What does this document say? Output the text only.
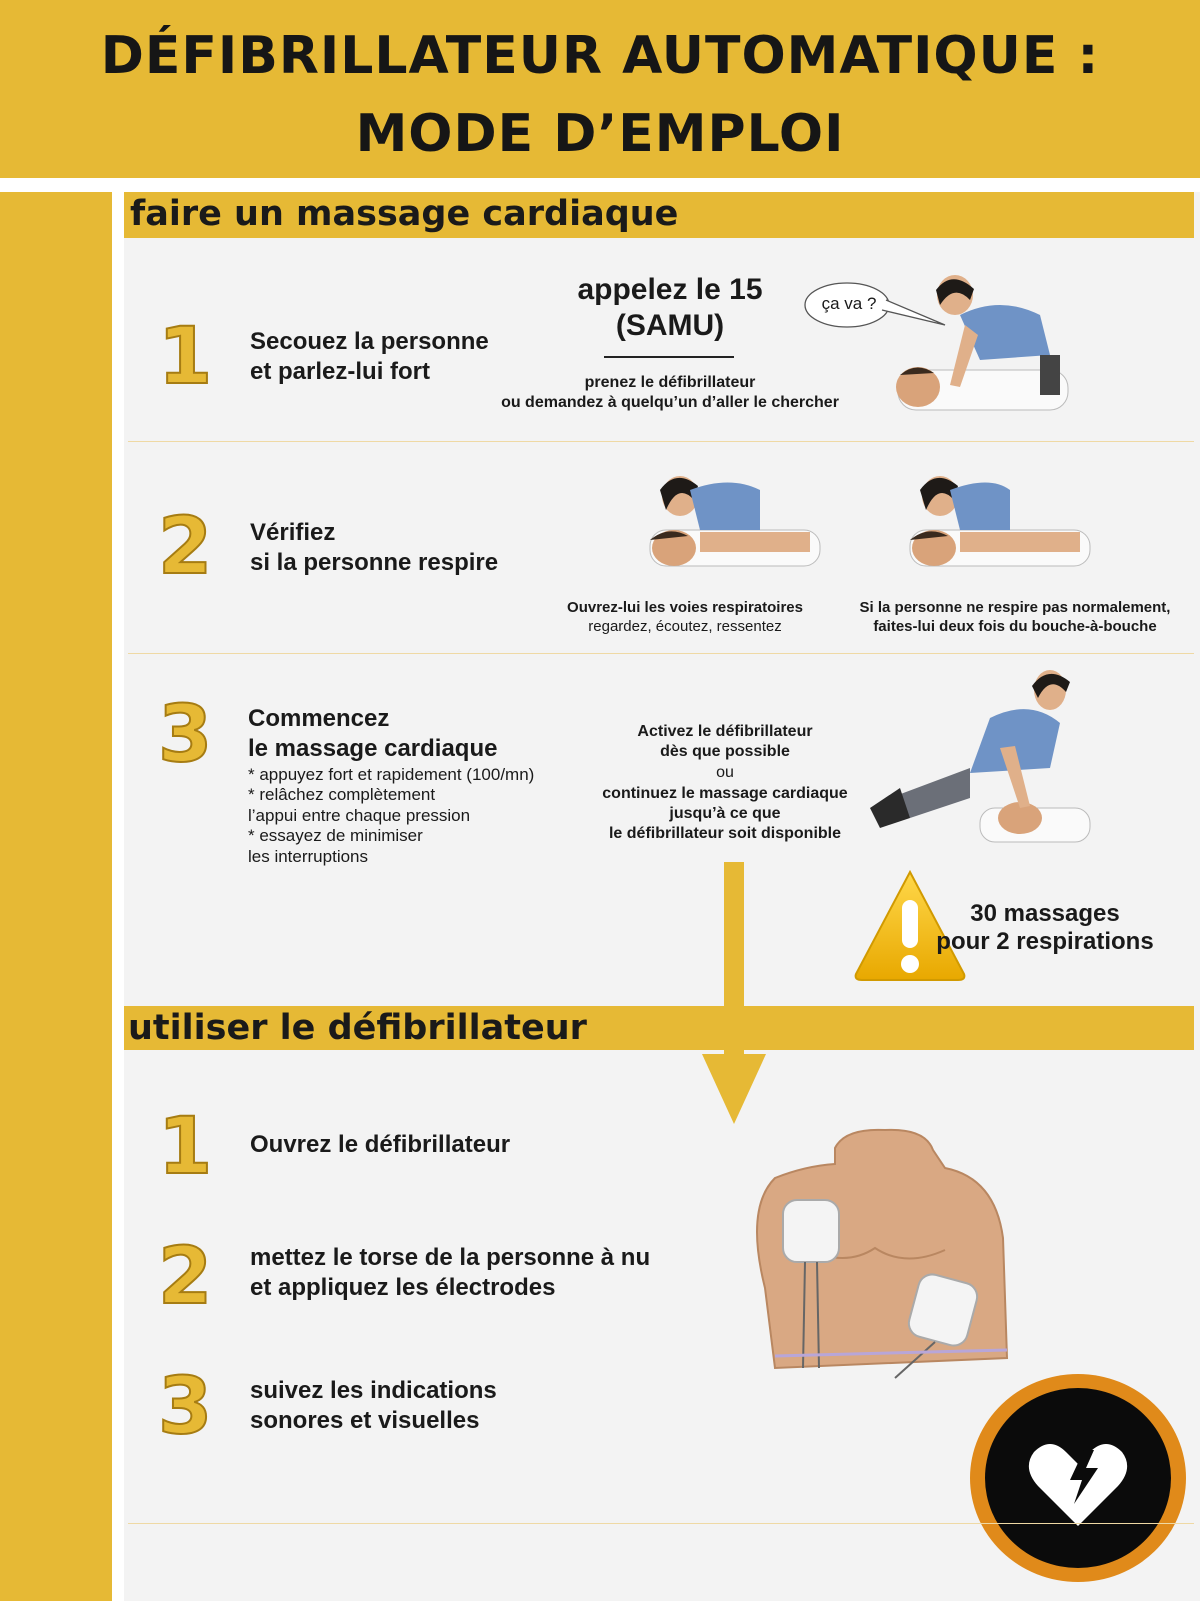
DÉFIBRILLATEUR AUTOMATIQUE :
MODE D’EMPLOI
faire un massage cardiaque
1 Secouez la personne
et parlez-lui fort
appelez le 15
(SAMU)
prenez le défibrillateur
ou demandez à quelqu’un d’aller le chercher
ça va ?
2 Vérifiez
si la personne respire
Ouvrez-lui les voies respiratoires
regardez, écoutez, ressentez
Si la personne ne respire pas normalement,
faites-lui deux fois du bouche-à-bouche
3 Commencez
le massage cardiaque
* appuyez fort et rapidement (100/mn)
* relâchez complètement
l’appui entre chaque pression
* essayez de minimiser
les interruptions
Activez le défibrillateur
dès que possible
ou
continuez le massage cardiaque
jusqu’à ce que
le défibrillateur soit disponible
30 massages
pour 2 respirations
utiliser le défibrillateur
1 Ouvrez le défibrillateur
2 mettez le torse de la personne à nu
et appliquez les électrodes
3 suivez les indications
sonores et visuelles
